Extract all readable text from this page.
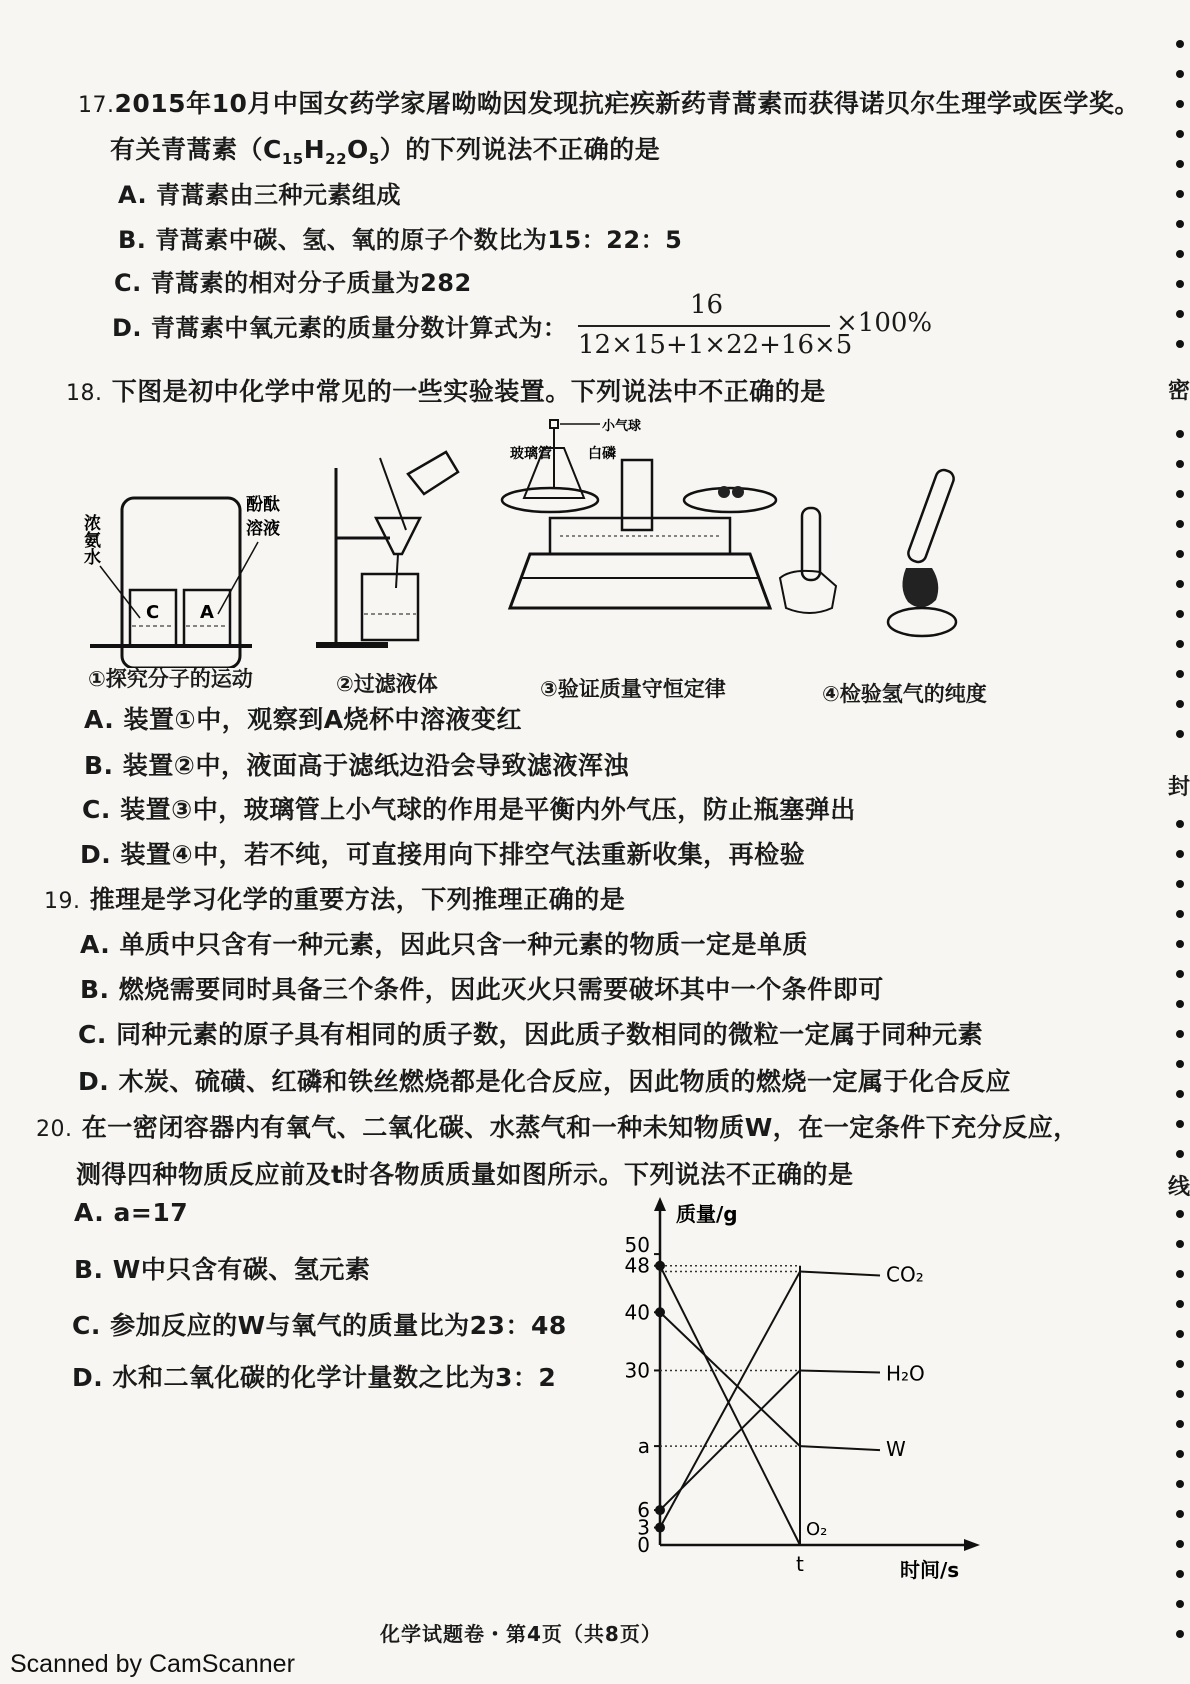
17.2015年10月中国女药学家屠呦呦因发现抗疟疾新药青蒿素而获得诺贝尔生理学或医学奖。
有关青蒿素$(C_{15}H_{22}O_5)$的下列说法不正确的是
A. 青蒿素由三种元素组成
B. 青蒿素中碳、氢、氧的原子个数比为15：22：5
C. 青蒿素的相对分子质量为282
D. 青蒿素中氧元素的质量分数计算式为：
16
12×15+1×22+16×5
×100%
18. 下图是初中化学中常见的一些实验装置。下列说法中不正确的是
C A
浓氨水
酚酞
溶液
小气球
玻璃管	白磷
①探究分子的运动	②过滤液体	③验证质量守恒定律	④检验氢气的纯度
A. 装置①中，观察到A烧杯中溶液变红
B. 装置②中，液面高于滤纸边沿会导致滤液浑浊
C. 装置③中，玻璃管上小气球的作用是平衡内外气压，防止瓶塞弹出
D. 装置④中，若不纯，可直接用向下排空气法重新收集，再检验
19. 推理是学习化学的重要方法，下列推理正确的是
A. 单质中只含有一种元素，因此只含一种元素的物质一定是单质
B. 燃烧需要同时具备三个条件，因此灭火只需要破坏其中一个条件即可
C. 同种元素的原子具有相同的质子数，因此质子数相同的微粒一定属于同种元素
D. 木炭、硫磺、红磷和铁丝燃烧都是化合反应，因此物质的燃烧一定属于化合反应
20. 在一密闭容器内有氧气、二氧化碳、水蒸气和一种未知物质W，在一定条件下充分反应，
测得四种物质反应前及t时各物质质量如图所示。下列说法不正确的是
A. a=17
B. W中只含有碳、氢元素
C. 参加反应的W与氧气的质量比为23：48
D. 水和二氧化碳的化学计量数之比为3：2
质量/g
时间/s
0
3
6
a
30
40
48
50
t
CO₂
H₂O
W
O₂
密
封
线
化学试题卷・第4页（共8页）
Scanned by CamScanner
